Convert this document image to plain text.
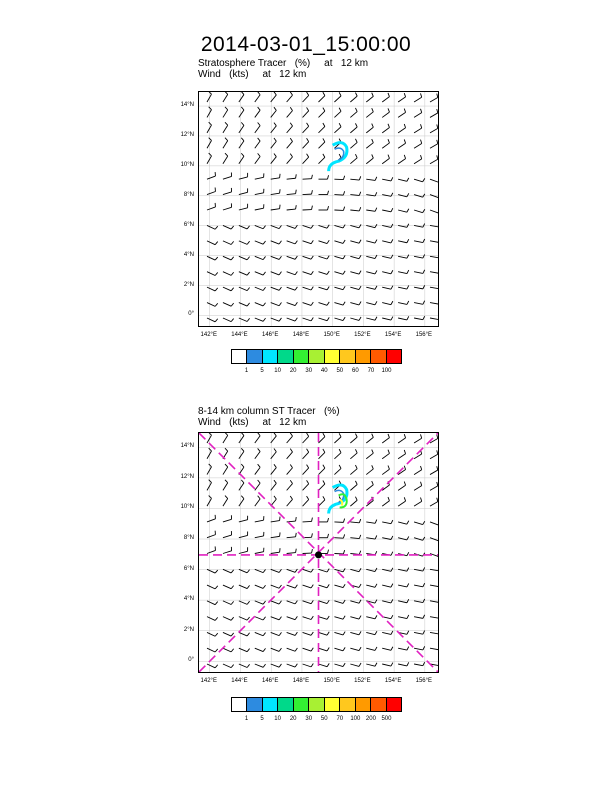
2014-03-01_15:00:00
Stratosphere Tracer   (%)     at   12 km
Wind   (kts)     at   12 km
8-14 km column ST Tracer   (%)
Wind   (kts)     at   12 km
14°N
12°N
10°N
8°N
6°N
4°N
2°N
0°
142°E	144°E	146°E	148°E	150°E	152°E	154°E	156°E
14°N
12°N
10°N
8°N
6°N
4°N
2°N
0°
142°E	144°E	146°E	148°E	150°E	152°E	154°E	156°E
1	5	10	20	30	40	50	60	70	100
1	5	10	20	30	50	70	100 200 500
